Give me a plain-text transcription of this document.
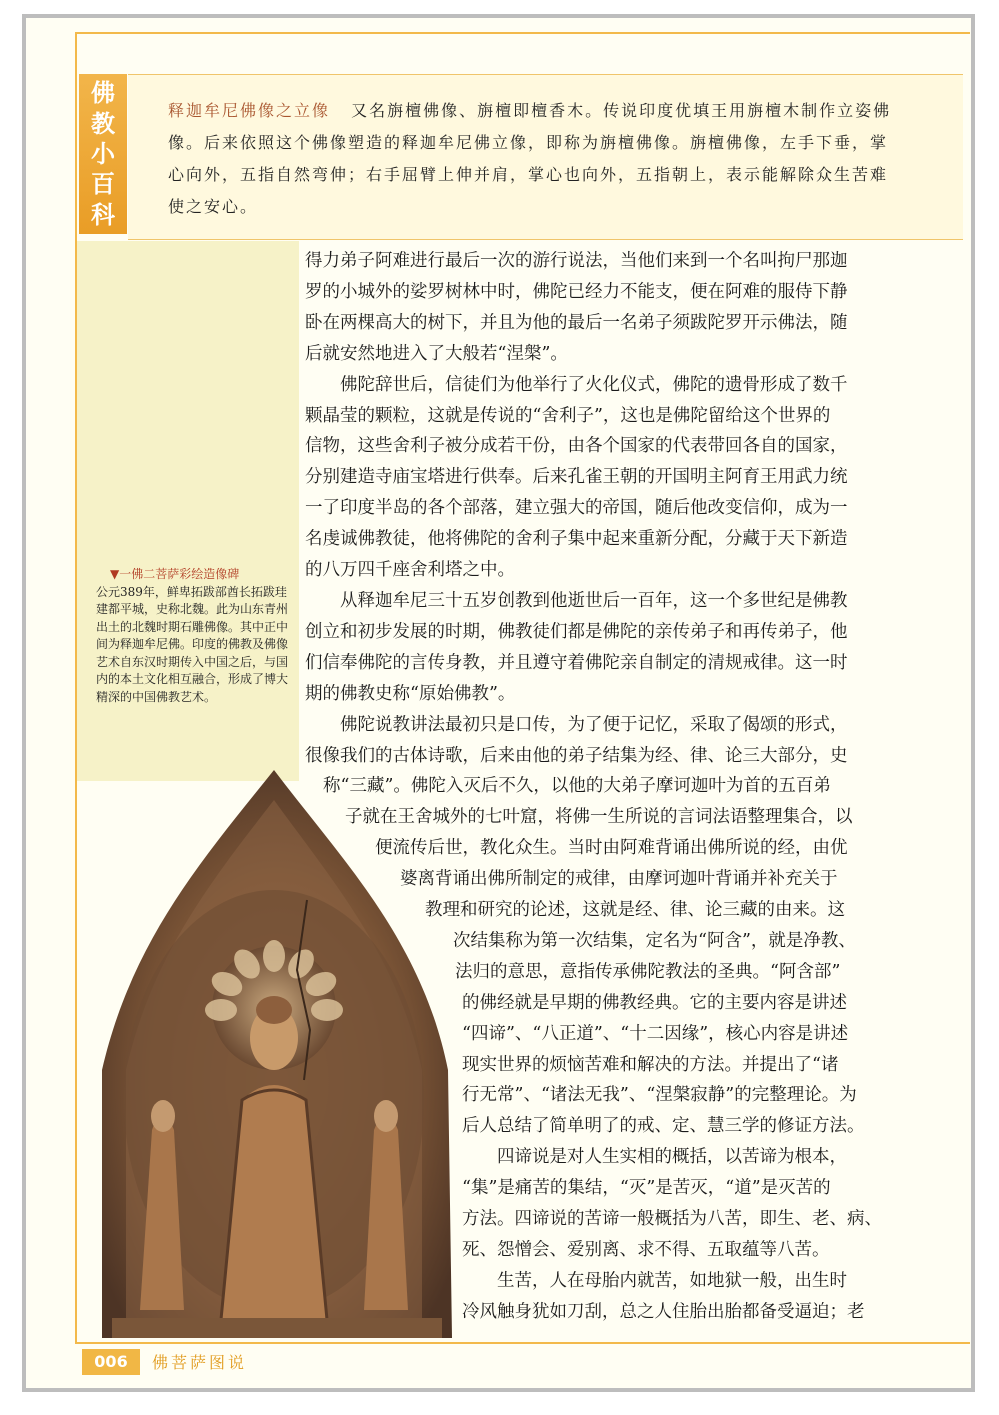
佛
教
小
百
科

释迦牟尼佛像之立像 又名旃檀佛像、旃檀即檀香木。传说印度优填王用旃檀木制作立姿佛像。后来依照这个佛像塑造的释迦牟尼佛立像，即称为旃檀佛像。旃檀佛像，左手下垂，掌心向外，五指自然弯伸；右手屈臂上伸并肩，掌心也向外，五指朝上，表示能解除众生苦难使之安心。

▼一佛二菩萨彩绘造像碑
公元389年，鲜卑拓跋部酋长拓跋珪建都平城，史称北魏。此为山东青州出土的北魏时期石雕佛像。其中正中间为释迦牟尼佛。印度的佛教及佛像艺术自东汉时期传入中国之后，与国内的本土文化相互融合，形成了博大精深的中国佛教艺术。

得力弟子阿难进行最后一次的游行说法，当他们来到一个名叫拘尸那迦
罗的小城外的娑罗树林中时，佛陀已经力不能支，便在阿难的服侍下静
卧在两棵高大的树下，并且为他的最后一名弟子须跋陀罗开示佛法，随
后就安然地进入了大般若“涅槃”。
　　佛陀辞世后，信徒们为他举行了火化仪式，佛陀的遗骨形成了数千
颗晶莹的颗粒，这就是传说的“舍利子”，这也是佛陀留给这个世界的
信物，这些舍利子被分成若干份，由各个国家的代表带回各自的国家，
分别建造寺庙宝塔进行供奉。后来孔雀王朝的开国明主阿育王用武力统
一了印度半岛的各个部落，建立强大的帝国，随后他改变信仰，成为一
名虔诚佛教徒，他将佛陀的舍利子集中起来重新分配，分藏于天下新造
的八万四千座舍利塔之中。
　　从释迦牟尼三十五岁创教到他逝世后一百年，这一个多世纪是佛教
创立和初步发展的时期，佛教徒们都是佛陀的亲传弟子和再传弟子，他
们信奉佛陀的言传身教，并且遵守着佛陀亲自制定的清规戒律。这一时
期的佛教史称“原始佛教”。
　　佛陀说教讲法最初只是口传，为了便于记忆，采取了偈颂的形式，
很像我们的古体诗歌，后来由他的弟子结集为经、律、论三大部分，史
称“三藏”。佛陀入灭后不久，以他的大弟子摩诃迦叶为首的五百弟
子就在王舍城外的七叶窟，将佛一生所说的言词法语整理集合，以
便流传后世，教化众生。当时由阿难背诵出佛所说的经，由优
婆离背诵出佛所制定的戒律，由摩诃迦叶背诵并补充关于
教理和研究的论述，这就是经、律、论三藏的由来。这
次结集称为第一次结集，定名为“阿含”，就是净教、
法归的意思，意指传承佛陀教法的圣典。“阿含部”
的佛经就是早期的佛教经典。它的主要内容是讲述
“四谛”、“八正道”、“十二因缘”，核心内容是讲述
现实世界的烦恼苦难和解决的方法。并提出了“诸
行无常”、“诸法无我”、“涅槃寂静”的完整理论。为
后人总结了简单明了的戒、定、慧三学的修证方法。
　　四谛说是对人生实相的概括，以苦谛为根本，
“集”是痛苦的集结，“灭”是苦灭，“道”是灭苦的
方法。四谛说的苦谛一般概括为八苦，即生、老、病、
死、怨憎会、爱别离、求不得、五取蕴等八苦。
　　生苦，人在母胎内就苦，如地狱一般，出生时
冷风触身犹如刀刮，总之人住胎出胎都备受逼迫；老
006	佛菩萨图说
